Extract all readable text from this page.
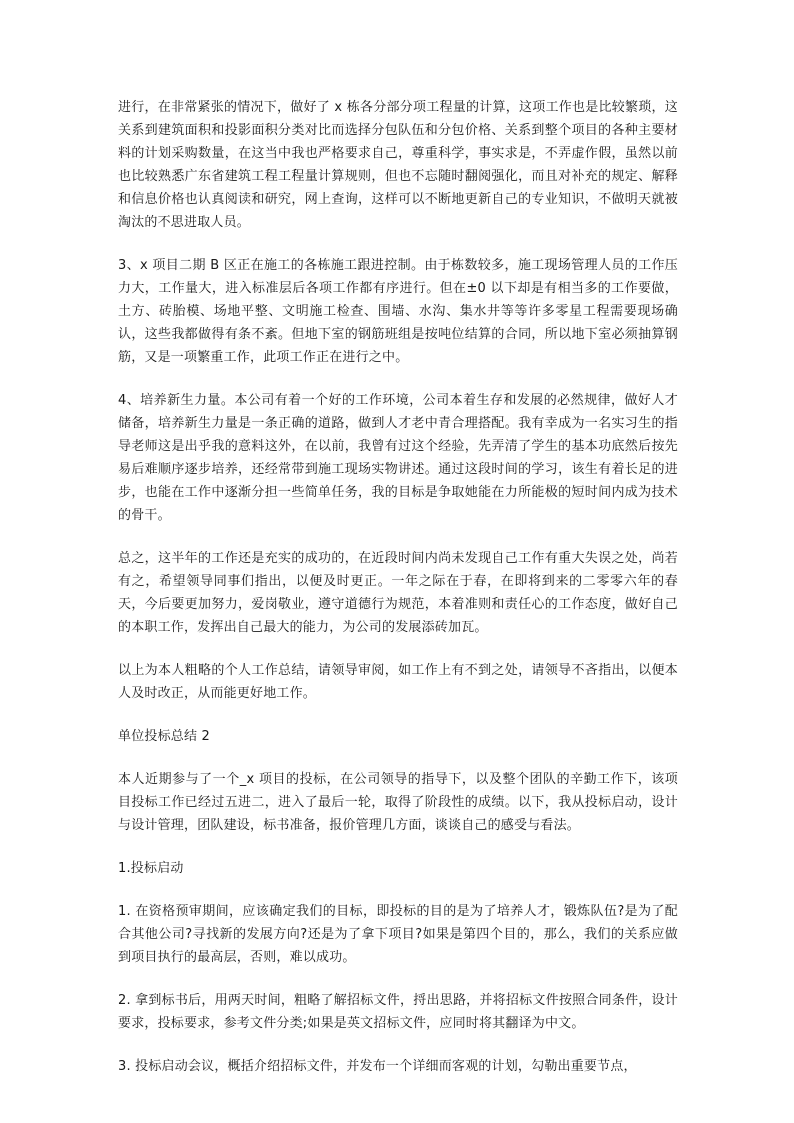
进行，在非常紧张的情况下，做好了 x 栋各分部分项工程量的计算，这项工作也是比较繁琐，这关系到建筑面积和投影面积分类对比而选择分包队伍和分包价格、关系到整个项目的各种主要材料的计划采购数量，在这当中我也严格要求自己，尊重科学，事实求是，不弄虚作假，虽然以前也比较熟悉广东省建筑工程工程量计算规则，但也不忘随时翻阅强化，而且对补充的规定、解释和信息价格也认真阅读和研究，网上查询，这样可以不断地更新自己的专业知识，不做明天就被淘汰的不思进取人员。

3、x 项目二期 B 区正在施工的各栋施工跟进控制。由于栋数较多，施工现场管理人员的工作压力大，工作量大，进入标准层后各项工作都有序进行。但在±0 以下却是有相当多的工作要做，土方、砖胎模、场地平整、文明施工检查、围墙、水沟、集水井等等许多零星工程需要现场确认，这些我都做得有条不紊。但地下室的钢筋班组是按吨位结算的合同，所以地下室必须抽算钢筋，又是一项繁重工作，此项工作正在进行之中。

4、培养新生力量。本公司有着一个好的工作环境，公司本着生存和发展的必然规律，做好人才储备，培养新生力量是一条正确的道路，做到人才老中青合理搭配。我有幸成为一名实习生的指导老师这是出乎我的意料这外，在以前，我曾有过这个经验，先弄清了学生的基本功底然后按先易后难顺序逐步培养，还经常带到施工现场实物讲述。通过这段时间的学习，该生有着长足的进步，也能在工作中逐渐分担一些简单任务，我的目标是争取她能在力所能极的短时间内成为技术的骨干。

总之，这半年的工作还是充实的成功的，在近段时间内尚未发现自己工作有重大失误之处，尚若有之，希望领导同事们指出，以便及时更正。一年之际在于春，在即将到来的二零零六年的春天，今后要更加努力，爱岗敬业，遵守道德行为规范，本着准则和责任心的工作态度，做好自己的本职工作，发挥出自己最大的能力，为公司的发展添砖加瓦。

以上为本人粗略的个人工作总结，请领导审阅，如工作上有不到之处，请领导不吝指出，以便本人及时改正，从而能更好地工作。

单位投标总结 2

本人近期参与了一个_x 项目的投标，在公司领导的指导下，以及整个团队的辛勤工作下，该项目投标工作已经过五进二，进入了最后一轮，取得了阶段性的成绩。以下，我从投标启动，设计与设计管理，团队建设，标书准备，报价管理几方面，谈谈自己的感受与看法。

1.投标启动

1. 在资格预审期间，应该确定我们的目标，即投标的目的是为了培养人才，锻炼队伍?是为了配合其他公司?寻找新的发展方向?还是为了拿下项目?如果是第四个目的，那么，我们的关系应做到项目执行的最高层，否则，难以成功。

2. 拿到标书后，用两天时间，粗略了解招标文件，捋出思路，并将招标文件按照合同条件，设计要求，投标要求，参考文件分类;如果是英文招标文件，应同时将其翻译为中文。

3. 投标启动会议，概括介绍招标文件，并发布一个详细而客观的计划，勾勒出重要节点，
